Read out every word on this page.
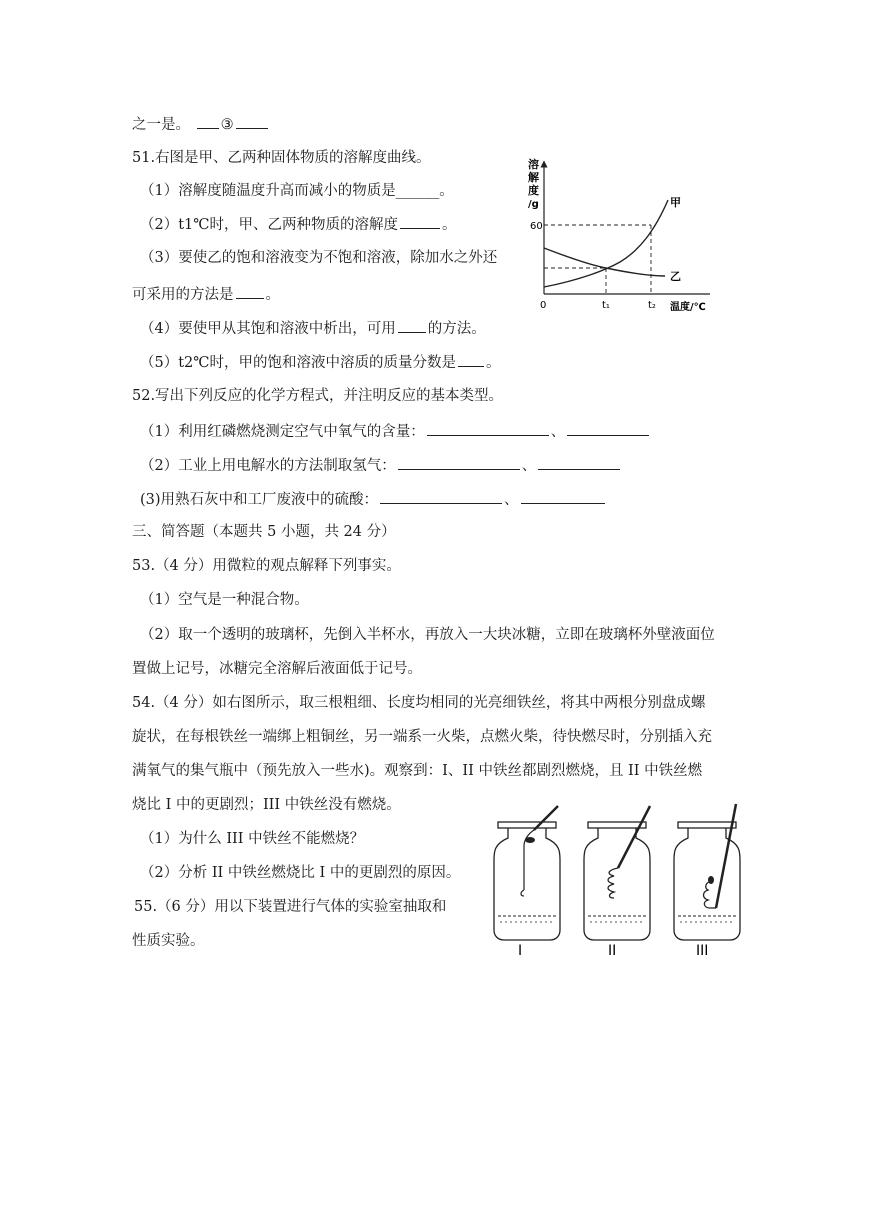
之一是。 ③
51.右图是甲、乙两种固体物质的溶解度曲线。
（1）溶解度随温度升高而减小的物质是______。
（2）t1℃时，甲、乙两种物质的溶解度	。
（3）要使乙的饱和溶液变为不饱和溶液，除加水之外还
可采用的方法是 。
（4）要使甲从其饱和溶液中析出，可用 的方法。
（5）t2℃时，甲的饱和溶液中溶质的质量分数是 。
52.写出下列反应的化学方程式，并注明反应的基本类型。
（1）利用红磷燃烧测定空气中氧气的含量：	、
（2）工业上用电解水的方法制取氢气：	、
(3)用熟石灰中和工厂废液中的硫酸：	、
三、简答题（本题共 5 小题，共 24 分）
53.（4 分）用微粒的观点解释下列事实。
（1）空气是一种混合物。
（2）取一个透明的玻璃杯，先倒入半杯水，再放入一大块冰糖，立即在玻璃杯外壁液面位
置做上记号，冰糖完全溶解后液面低于记号。
54.（4 分）如右图所示，取三根粗细、长度均相同的光亮细铁丝，将其中两根分别盘成螺
旋状，在每根铁丝一端绑上粗铜丝，另一端系一火柴，点燃火柴，待快燃尽时，分别插入充
满氧气的集气瓶中（预先放入一些水)。观察到：I、II 中铁丝都剧烈燃烧，且 II 中铁丝燃
烧比 I 中的更剧烈；III 中铁丝没有燃烧。
（1）为什么 III 中铁丝不能燃烧？
（2）分析 II 中铁丝燃烧比 I 中的更剧烈的原因。
55.（6 分）用以下装置进行气体的实验室抽取和
性质实验。
溶
解
度
/g
60
甲
乙
0	t₁	t₂ 温度/℃
I	II	III
